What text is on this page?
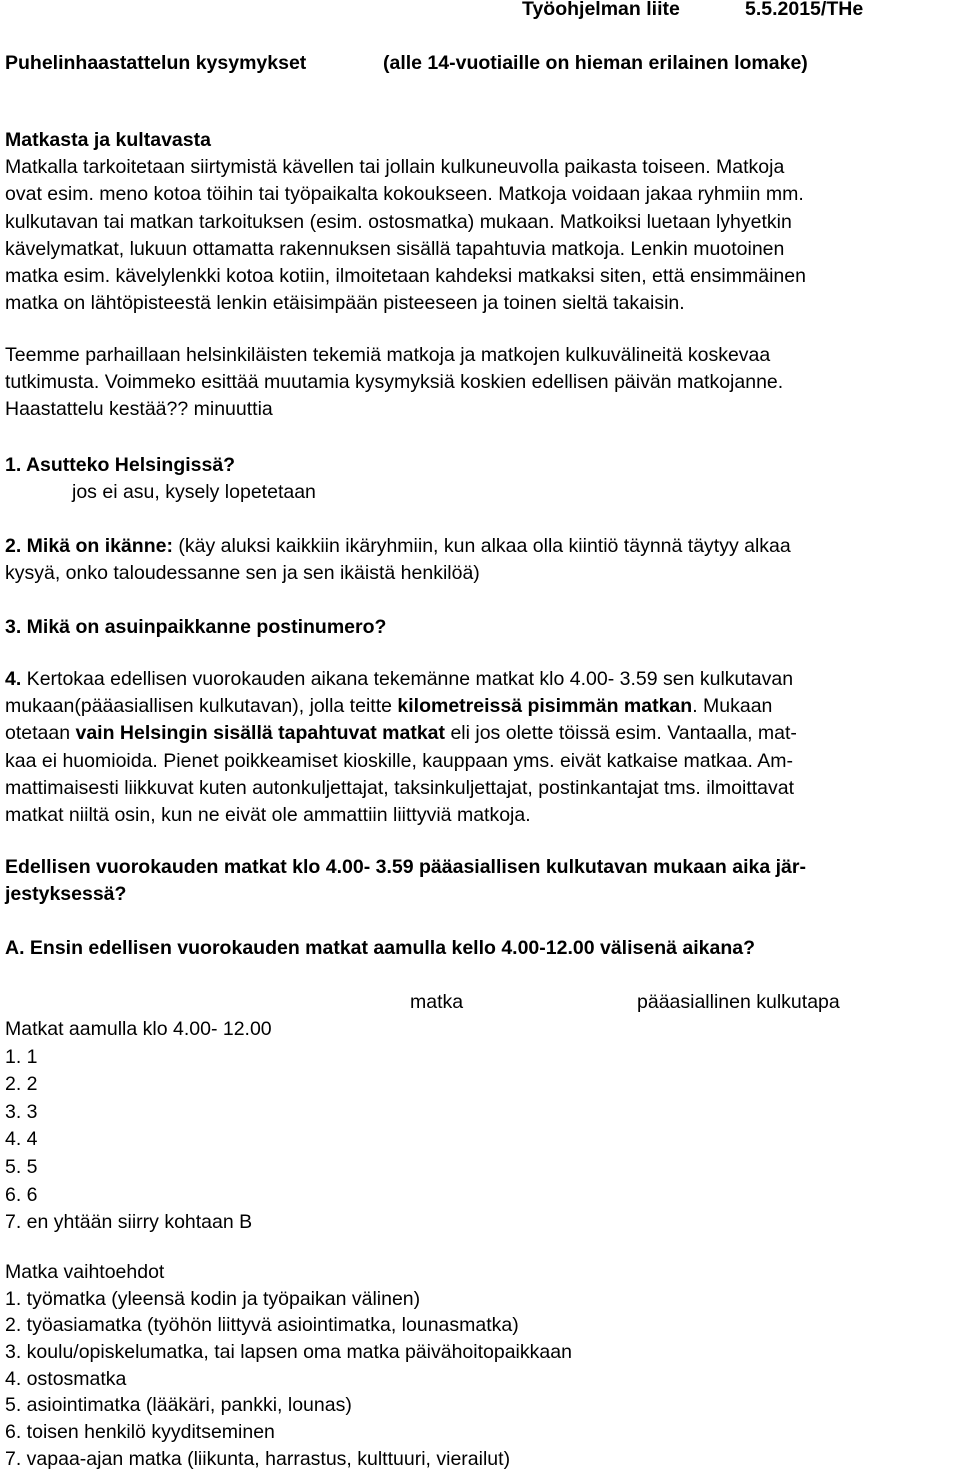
Työohjelman liite	5.5.2015/THe
Puhelinhaastattelun kysymykset	(alle 14-vuotiaille on hieman erilainen lomake)
Matkasta ja kultavasta
Matkalla tarkoitetaan siirtymistä kävellen tai jollain kulkuneuvolla paikasta toiseen. Matkoja
ovat esim. meno kotoa töihin tai työpaikalta kokoukseen. Matkoja voidaan jakaa ryhmiin mm.
kulkutavan tai matkan tarkoituksen (esim. ostosmatka) mukaan. Matkoiksi luetaan lyhyetkin
kävelymatkat, lukuun ottamatta rakennuksen sisällä tapahtuvia matkoja. Lenkin muotoinen
matka esim. kävelylenkki kotoa kotiin, ilmoitetaan kahdeksi matkaksi siten, että ensimmäinen
matka on lähtöpisteestä lenkin etäisimpään pisteeseen ja toinen sieltä takaisin.
Teemme parhaillaan helsinkiläisten tekemiä matkoja ja matkojen kulkuvälineitä koskevaa
tutkimusta. Voimmeko esittää muutamia kysymyksiä koskien edellisen päivän matkojanne.
Haastattelu kestää?? minuuttia
1. Asutteko Helsingissä?
jos ei asu, kysely lopetetaan
2. Mikä on ikänne: (käy aluksi kaikkiin ikäryhmiin, kun alkaa olla kiintiö täynnä täytyy alkaa
kysyä, onko taloudessanne sen ja sen ikäistä henkilöä)
3. Mikä on asuinpaikkanne postinumero?
4. Kertokaa edellisen vuorokauden aikana tekemänne matkat klo 4.00- 3.59 sen kulkutavan
mukaan(pääasiallisen kulkutavan), jolla teitte kilometreissä pisimmän matkan. Mukaan
otetaan vain Helsingin sisällä tapahtuvat matkat eli jos olette töissä esim. Vantaalla, mat-
kaa ei huomioida. Pienet poikkeamiset kioskille, kauppaan yms. eivät katkaise matkaa. Am-
mattimaisesti liikkuvat kuten autonkuljettajat, taksinkuljettajat, postinkantajat tms. ilmoittavat
matkat niiltä osin, kun ne eivät ole ammattiin liittyviä matkoja.
Edellisen vuorokauden matkat klo 4.00- 3.59 pääasiallisen kulkutavan mukaan aika jär-
jestyksessä?
A. Ensin edellisen vuorokauden matkat aamulla kello 4.00-12.00 välisenä aikana?
matka	pääasiallinen kulkutapa
Matkat aamulla klo 4.00- 12.00
1. 1
2. 2
3. 3
4. 4
5. 5
6. 6
7. en yhtään siirry kohtaan B
Matka vaihtoehdot
1. työmatka (yleensä kodin ja työpaikan välinen)
2. työasiamatka (työhön liittyvä asiointimatka, lounasmatka)
3. koulu/opiskelumatka, tai lapsen oma matka päivähoitopaikkaan
4. ostosmatka
5. asiointimatka (lääkäri, pankki, lounas)
6. toisen henkilö kyyditseminen
7. vapaa-ajan matka (liikunta, harrastus, kulttuuri, vierailut)
